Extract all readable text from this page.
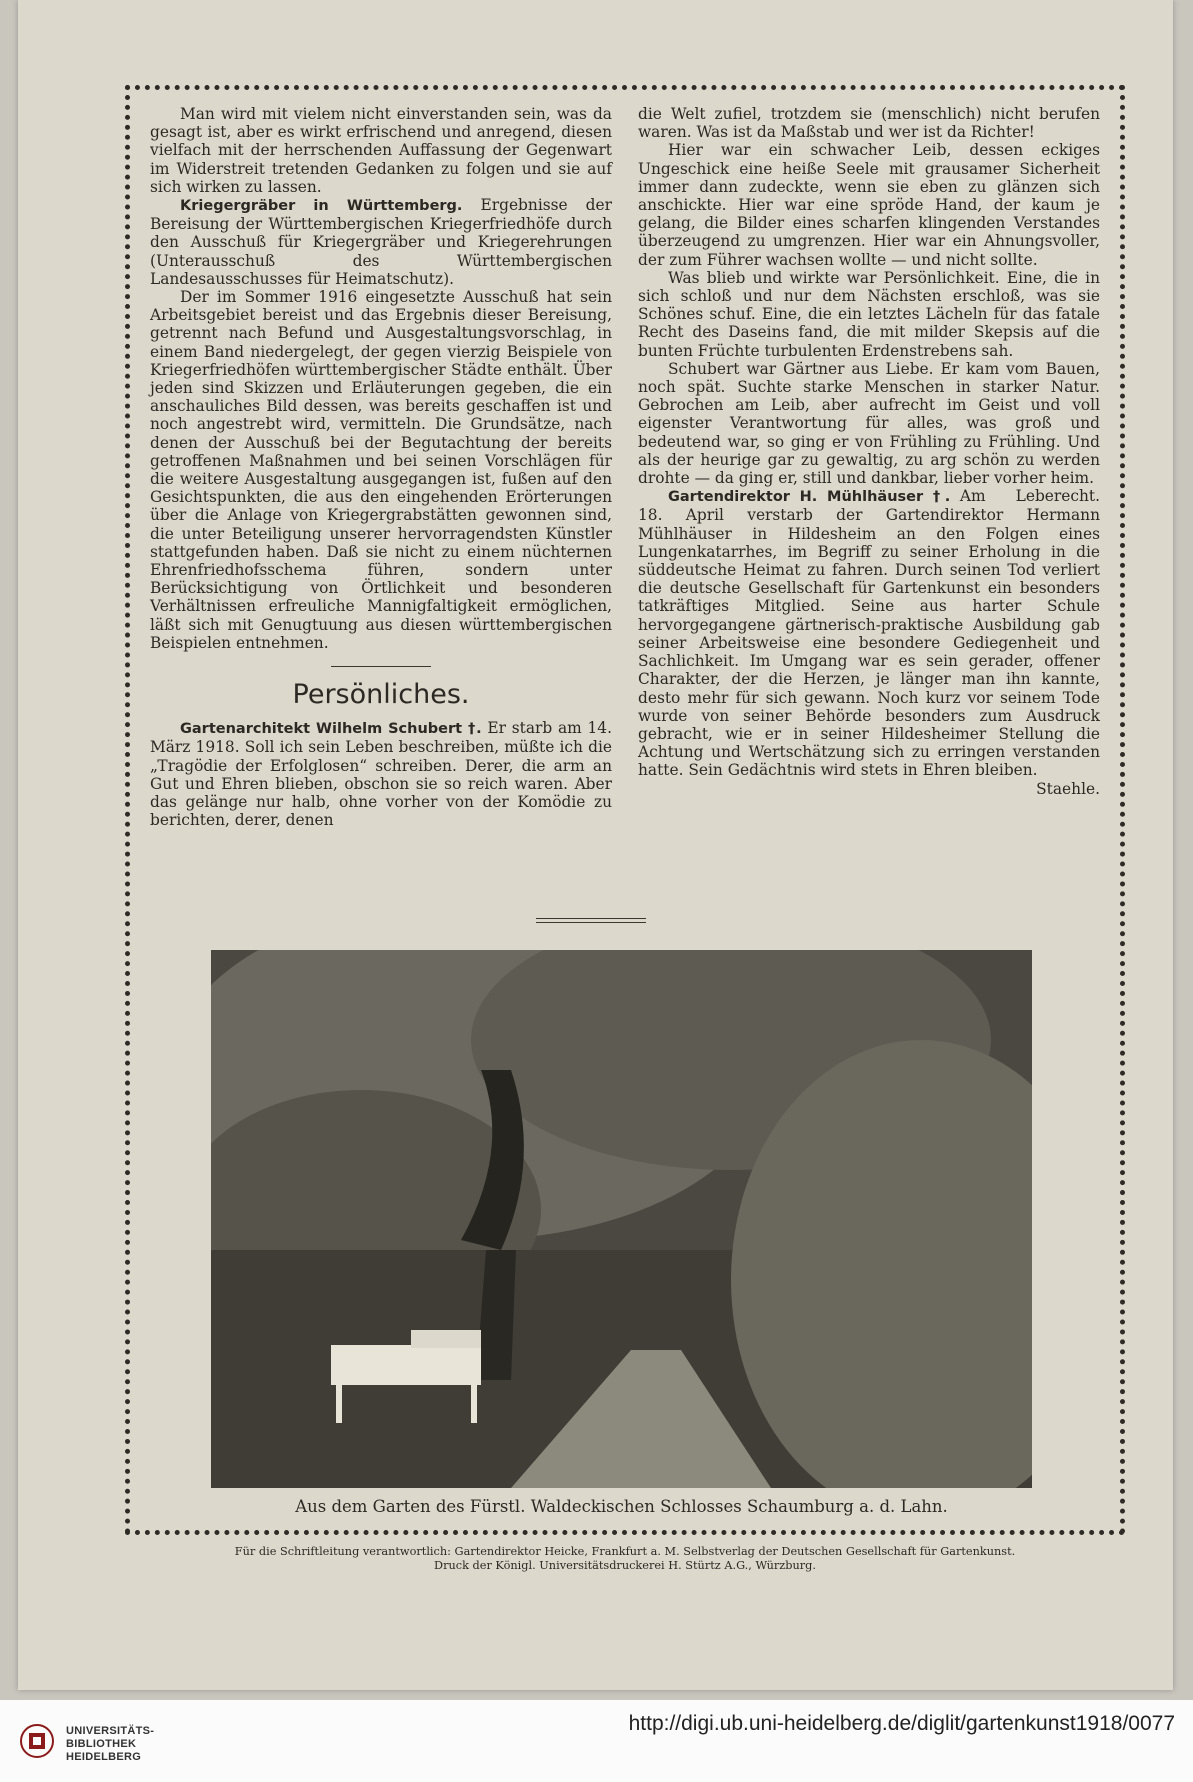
Man wird mit vielem nicht einverstanden sein, was da gesagt ist, aber es wirkt erfrischend und anregend, diesen vielfach mit der herrschenden Auffassung der Gegenwart im Widerstreit tretenden Gedanken zu folgen und sie auf sich wirken zu lassen.

Kriegergräber in Württemberg. Ergebnisse der Bereisung der Württembergischen Kriegerfriedhöfe durch den Ausschuß für Kriegergräber und Kriegerehrungen (Unterausschuß des Württembergischen Landesausschusses für Heimatschutz).

Der im Sommer 1916 eingesetzte Ausschuß hat sein Arbeitsgebiet bereist und das Ergebnis dieser Bereisung, getrennt nach Befund und Ausgestaltungsvorschlag, in einem Band niedergelegt, der gegen vierzig Beispiele von Kriegerfriedhöfen württembergischer Städte enthält. Über jeden sind Skizzen und Erläuterungen gegeben, die ein anschauliches Bild dessen, was bereits geschaffen ist und noch angestrebt wird, vermitteln. Die Grundsätze, nach denen der Ausschuß bei der Begutachtung der bereits getroffenen Maßnahmen und bei seinen Vorschlägen für die weitere Ausgestaltung ausgegangen ist, fußen auf den Gesichtspunkten, die aus den eingehenden Erörterungen über die Anlage von Kriegergrabstätten gewonnen sind, die unter Beteiligung unserer hervorragendsten Künstler stattgefunden haben. Daß sie nicht zu einem nüchternen Ehrenfriedhofsschema führen, sondern unter Berücksichtigung von Örtlichkeit und besonderen Verhältnissen erfreuliche Mannigfaltigkeit ermöglichen, läßt sich mit Genugtuung aus diesen württembergischen Beispielen entnehmen.

Persönliches.

Gartenarchitekt Wilhelm Schubert †. Er starb am 14. März 1918. Soll ich sein Leben beschreiben, müßte ich die „Tragödie der Erfolglosen“ schreiben. Derer, die arm an Gut und Ehren blieben, obschon sie so reich waren. Aber das gelänge nur halb, ohne vorher von der Komödie zu berichten, derer, denen

die Welt zufiel, trotzdem sie (menschlich) nicht berufen waren. Was ist da Maßstab und wer ist da Richter!

Hier war ein schwacher Leib, dessen eckiges Ungeschick eine heiße Seele mit grausamer Sicherheit immer dann zudeckte, wenn sie eben zu glänzen sich anschickte. Hier war eine spröde Hand, der kaum je gelang, die Bilder eines scharfen klingenden Verstandes überzeugend zu umgrenzen. Hier war ein Ahnungsvoller, der zum Führer wachsen wollte — und nicht sollte.

Was blieb und wirkte war Persönlichkeit. Eine, die in sich schloß und nur dem Nächsten erschloß, was sie Schönes schuf. Eine, die ein letztes Lächeln für das fatale Recht des Daseins fand, die mit milder Skepsis auf die bunten Früchte turbulenten Erdenstrebens sah.

Schubert war Gärtner aus Liebe. Er kam vom Bauen, noch spät. Suchte starke Menschen in starker Natur. Gebrochen am Leib, aber aufrecht im Geist und voll eigenster Verantwortung für alles, was groß und bedeutend war, so ging er von Frühling zu Frühling. Und als der heurige gar zu gewaltig, zu arg schön zu werden drohte — da ging er, still und dankbar, lieber vorher heim.
Leberecht.

Gartendirektor H. Mühlhäuser †. Am 18. April verstarb der Gartendirektor Hermann Mühlhäuser in Hildesheim an den Folgen eines Lungenkatarrhes, im Begriff zu seiner Erholung in die süddeutsche Heimat zu fahren. Durch seinen Tod verliert die deutsche Gesellschaft für Gartenkunst ein besonders tatkräftiges Mitglied. Seine aus harter Schule hervorgegangene gärtnerisch-praktische Ausbildung gab seiner Arbeitsweise eine besondere Gediegenheit und Sachlichkeit. Im Umgang war es sein gerader, offener Charakter, der die Herzen, je länger man ihn kannte, desto mehr für sich gewann. Noch kurz vor seinem Tode wurde von seiner Behörde besonders zum Ausdruck gebracht, wie er in seiner Hildesheimer Stellung die Achtung und Wertschätzung sich zu erringen verstanden hatte. Sein Gedächtnis wird stets in Ehren bleiben.
Staehle.

Aus dem Garten des Fürstl. Waldeckischen Schlosses Schaumburg a. d. Lahn.
Für die Schriftleitung verantwortlich: Gartendirektor Heicke, Frankfurt a. M. Selbstverlag der Deutschen Gesellschaft für Gartenkunst.
Druck der Königl. Universitätsdruckerei H. Stürtz A.G., Würzburg.
UNIVERSITÄTS-
BIBLIOTHEK
HEIDELBERG
http://digi.ub.uni-heidelberg.de/diglit/gartenkunst1918/0077
